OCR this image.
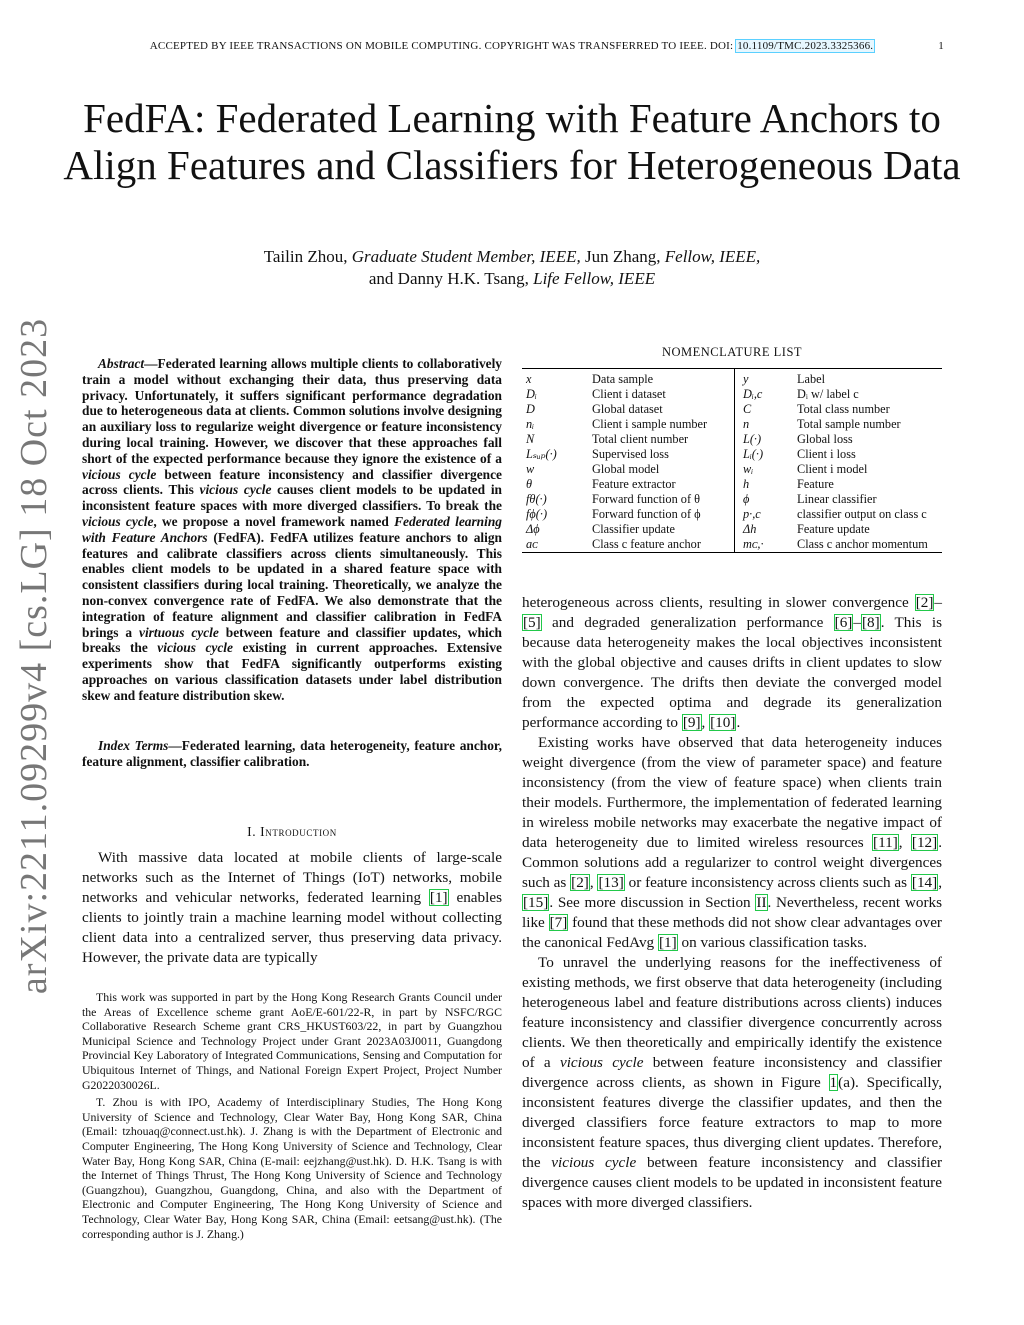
ACCEPTED BY IEEE TRANSACTIONS ON MOBILE COMPUTING. COPYRIGHT WAS TRANSFERRED TO IEEE. DOI: 10.1109/TMC.2023.3325366.	1
FedFA: Federated Learning with Feature Anchors to Align Features and Classifiers for Heterogeneous Data
Tailin Zhou, Graduate Student Member, IEEE, Jun Zhang, Fellow, IEEE,
and Danny H.K. Tsang, Life Fellow, IEEE
arXiv:2211.09299v4 [cs.LG] 18 Oct 2023	Abstract—Federated learning allows multiple clients to collaboratively train a model without exchanging their data, thus preserving data privacy. Unfortunately, it suffers significant performance degradation due to heterogeneous data at clients. Common solutions involve designing an auxiliary loss to regularize weight divergence or feature inconsistency during local training. However, we discover that these approaches fall short of the expected performance because they ignore the existence of a vicious cycle between feature inconsistency and classifier divergence across clients. This vicious cycle causes client models to be updated in inconsistent feature spaces with more diverged classifiers. To break the vicious cycle, we propose a novel framework named Federated learning with Feature Anchors (FedFA). FedFA utilizes feature anchors to align features and calibrate classifiers across clients simultaneously. This enables client models to be updated in a shared feature space with consistent classifiers during local training. Theoretically, we analyze the non-convex convergence rate of FedFA. We also demonstrate that the integration of feature alignment and classifier calibration in FedFA brings a virtuous cycle between feature and classifier updates, which breaks the vicious cycle existing in current approaches. Extensive experiments show that FedFA significantly outperforms existing approaches on various classification datasets under label distribution skew and feature distribution skew.
Index Terms—Federated learning, data heterogeneity, feature anchor, feature alignment, classifier calibration.
I. Introduction
With massive data located at mobile clients of large-scale networks such as the Internet of Things (IoT) networks, mobile networks and vehicular networks, federated learning [1] enables clients to jointly train a machine learning model without collecting client data into a centralized server, thus preserving data privacy. However, the private data are typically

This work was supported in part by the Hong Kong Research Grants Council under the Areas of Excellence scheme grant AoE/E-601/22-R, in part by NSFC/RGC Collaborative Research Scheme grant CRS_HKUST603/22, in part by Guangzhou Municipal Science and Technology Project under Grant 2023A03J0011, Guangdong Provincial Key Laboratory of Integrated Communications, Sensing and Computation for Ubiquitous Internet of Things, and National Foreign Expert Project, Project Number G2022030026L.

T. Zhou is with IPO, Academy of Interdisciplinary Studies, The Hong Kong University of Science and Technology, Clear Water Bay, Hong Kong SAR, China (Email: tzhouaq@connect.ust.hk). J. Zhang is with the Department of Electronic and Computer Engineering, The Hong Kong University of Science and Technology, Clear Water Bay, Hong Kong SAR, China (E-mail: eejzhang@ust.hk). D. H.K. Tsang is with the Internet of Things Thrust, The Hong Kong University of Science and Technology (Guangzhou), Guangzhou, Guangdong, China, and also with the Department of Electronic and Computer Engineering, The Hong Kong University of Science and Technology, Clear Water Bay, Hong Kong SAR, China (Email: eetsang@ust.hk). (The corresponding author is J. Zhang.)

NOMENCLATURE LIST
x	Data sample	y	Label
Dᵢ	Client i dataset	Dᵢ,c	Dᵢ w/ label c
D	Global dataset	C	Total class number
nᵢ	Client i sample number	n	Total sample number
N	Total client number	L(·)	Global loss
Lₛᵤₚ(·)	Supervised loss	Lᵢ(·)	Client i loss
w	Global model	wᵢ	Client i model
θ	Feature extractor	h	Feature
fθ(·)	Forward function of θ	ϕ	Linear classifier
fϕ(·)	Forward function of ϕ	p·,c	classifier output on class c
Δϕ	Classifier update	Δh	Feature update
aᴄ	Class c feature anchor	mᴄ,·	Class c anchor momentum

heterogeneous across clients, resulting in slower convergence [2]–[5] and degraded generalization performance [6]–[8]. This is because data heterogeneity makes the local objectives inconsistent with the global objective and causes drifts in client updates to slow down convergence. The drifts then deviate the converged model from the expected optima and degrade its generalization performance according to [9], [10].

Existing works have observed that data heterogeneity induces weight divergence (from the view of parameter space) and feature inconsistency (from the view of feature space) when clients train their models. Furthermore, the implementation of federated learning in wireless mobile networks may exacerbate the negative impact of data heterogeneity due to limited wireless resources [11], [12]. Common solutions add a regularizer to control weight divergences such as [2], [13] or feature inconsistency across clients such as [14], [15]. See more discussion in Section II. Nevertheless, recent works like [7] found that these methods did not show clear advantages over the canonical FedAvg [1] on various classification tasks.

To unravel the underlying reasons for the ineffectiveness of existing methods, we first observe that data heterogeneity (including heterogeneous label and feature distributions across clients) induces feature inconsistency and classifier divergence concurrently across clients. We then theoretically and empirically identify the existence of a vicious cycle between feature inconsistency and classifier divergence across clients, as shown in Figure 1(a). Specifically, inconsistent features diverge the classifier updates, and then the diverged classifiers force feature extractors to map to more inconsistent feature spaces, thus diverging client updates. Therefore, the vicious cycle between feature inconsistency and classifier divergence causes client models to be updated in inconsistent feature spaces with more diverged classifiers.
